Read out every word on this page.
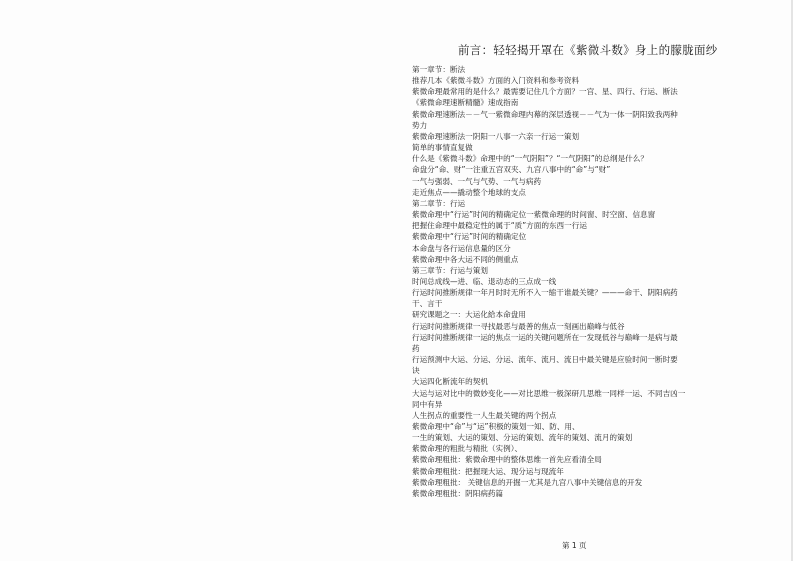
前言：轻轻揭开罩在《紫微斗数》身上的朦胧面纱
第一章节：断法
推荐几本《紫微斗数》方面的入门资料和参考资料
紫微命理最常用的是什么？最需要记住几个方面？一宫、星、四行、行运、断法
《紫微命理速断精髓》速成指南
紫微命理速断法－－气一紫微命理内幕的深层透视－－气为一体一阴阳致我两种
势力
紫微命理速断法一阴阳一八事一六亲一行运一策划
简单的事情直复做
什么是《紫微斗数》命理中的“一气阴阳”？“一气阴阳”的总纲是什么？
命盘分“命、财”一注重五宫双夹、九宫八事中的“命”与“财”
一气与强弱、一气与气势、一气与病药
走近焦点——撬动整个地球的支点
第二章节：行运
紫微命理中“行运”时间的精确定位一紫微命理的时间窗、时空窗、信息窗
把握住命理中最稳定性的属于“质”方面的东西一行运
紫微命理中“行运”时间的精确定位
本命盘与各行运信息量的区分
紫微命理中各大运不同的侧重点
第三章节：行运与策划
时间总成线—进、临、退动态的三点成一线
行运时间推断规律一年月时时无所不入一缩干谁最关键？———命干、阴阳病药
干、言干
研究课题之一：大运化給本命盘用
行运时间推断规律一寻找最恶与最善的焦点一刻画出巅峰与低谷
行运时间推断规律一运的焦点一运的关键问题所在一发现低谷与巅峰一是病与最
药
行运预测中大运、分运、分运、流年、流月、流日中最关键是应验时间一断时要
诀
大运四化断流年的契机
大运与运对比中的微妙变化——对比思维一极深研几思维一同样一运、不同吉凶一
同中有异
人生拐点的重要性一人生最关键的两个拐点
紫微命理中“命”与“运”积极的策划一知、防、用、
一生的策划、大运的策划、分运的策划、流年的策划、流月的策划
紫微命理的粗批与精批（实例）、
紫微命理粗批：紫微命理中的整体思维一首先应看清全局
紫微命理粗批：把握现大运、现分运与现流年
紫微命理粗批： 关键信息的开掘一尤其是九宫八事中关键信息的开发
紫微命理粗批：阴阳病药篇
第 1 页
